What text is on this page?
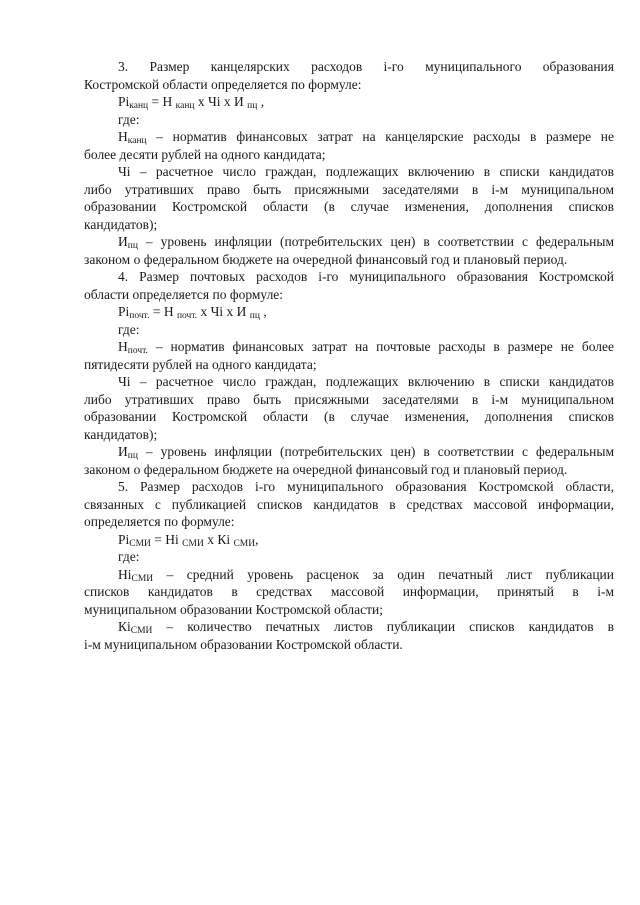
3. Размер канцелярских расходов i-го муниципального образования
Костромской области определяется по формуле:
$Рi_{канц} = Н$ $_{канц}$ х Чi х И $_{пц}$ ,
где:
$Н_{канц}$ – норматив финансовых затрат на канцелярские расходы в размере не
более десяти рублей на одного кандидата;
Чi – расчетное число граждан, подлежащих включению в списки кандидатов
либо утративших право быть присяжными заседателями в i-м муниципальном
образовании Костромской области (в случае изменения, дополнения списков
кандидатов);
$И_{пц}$ – уровень инфляции (потребительских цен) в соответствии с федеральным
законом о федеральном бюджете на очередной финансовый год и плановый период.
4. Размер почтовых расходов i-го муниципального образования Костромской
области определяется по формуле:
$Рi_{почт.} = Н$ $_{почт.}$ х Чi х И $_{пц}$ ,
где:
$Н_{почт.}$ – норматив финансовых затрат на почтовые расходы в размере не более
пятидесяти рублей на одного кандидата;
Чi – расчетное число граждан, подлежащих включению в списки кандидатов
либо утративших право быть присяжными заседателями в i-м муниципальном
образовании Костромской области (в случае изменения, дополнения списков
кандидатов);
$И_{пц}$ – уровень инфляции (потребительских цен) в соответствии с федеральным
законом о федеральном бюджете на очередной финансовый год и плановый период.
5. Размер расходов i-го муниципального образования Костромской области,
связанных с публикацией списков кандидатов в средствах массовой информации,
определяется по формуле:
$Рi_{СМИ}$ = Нi $_{СМИ}$ х Кi $_{СМИ}$,
где:
$Нi_{СМИ}$ – средний уровень расценок за один печатный лист публикации
списков кандидатов в средствах массовой информации, принятый в i-м
муниципальном образовании Костромской области;
$Кi_{СМИ}$ – количество печатных листов публикации списков кандидатов в
i-м муниципальном образовании Костромской области.
